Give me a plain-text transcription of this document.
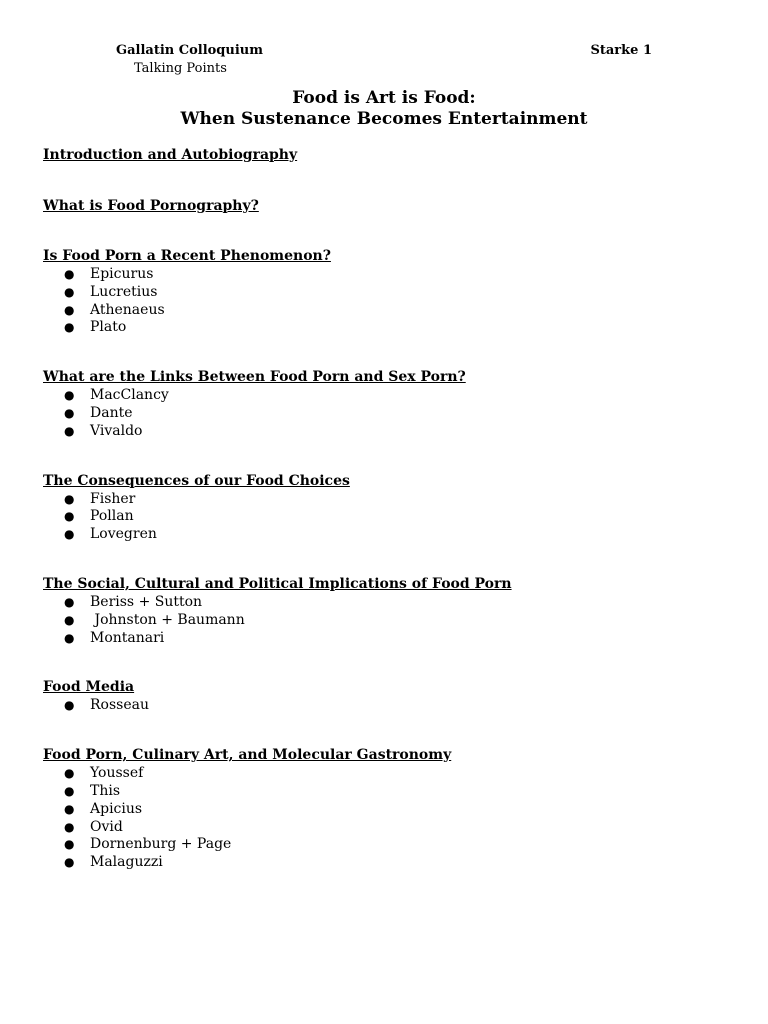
Gallatin Colloquium
Talking Points
Starke 1
Food is Art is Food:
When Sustenance Becomes Entertainment

Introduction and Autobiography

What is Food Pornography?

Is Food Porn a Recent Phenomenon?

● Epicurus
● Lucretius
● Athenaeus
● Plato

What are the Links Between Food Porn and Sex Porn?

● MacClancy
● Dante
● Vivaldo

The Consequences of our Food Choices

● Fisher
● Pollan
● Lovegren

The Social, Cultural and Political Implications of Food Porn

● Beriss + Sutton
● Johnston + Baumann
● Montanari

Food Media

● Rosseau

Food Porn, Culinary Art, and Molecular Gastronomy

● Youssef
● This
● Apicius
● Ovid
● Dornenburg + Page
● Malaguzzi
